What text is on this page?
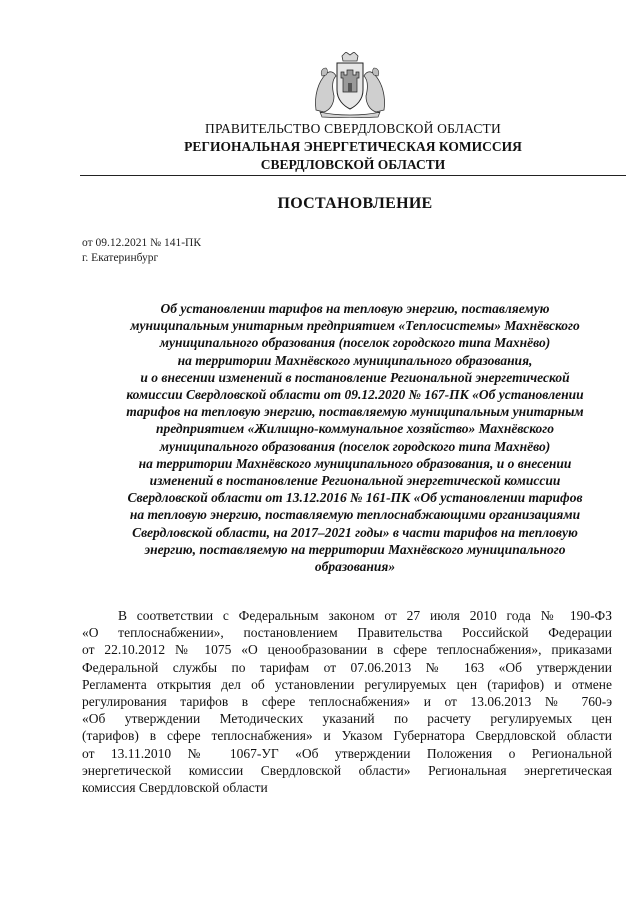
ПРАВИТЕЛЬСТВО СВЕРДЛОВСКОЙ ОБЛАСТИ
РЕГИОНАЛЬНАЯ ЭНЕРГЕТИЧЕСКАЯ КОМИССИЯ
СВЕРДЛОВСКОЙ ОБЛАСТИ
ПОСТАНОВЛЕНИЕ
от 09.12.2021 № 141-ПК
г. Екатеринбург
Об установлении тарифов на тепловую энергию, поставляемую
муниципальным унитарным предприятием «Теплосистемы» Махнёвского
муниципального образования (поселок городского типа Махнёво)
на территории Махнёвского муниципального образования,
и о внесении изменений в постановление Региональной энергетической
комиссии Свердловской области от 09.12.2020 № 167-ПК «Об установлении
тарифов на тепловую энергию, поставляемую муниципальным унитарным
предприятием «Жилищно-коммунальное хозяйство» Махнёвского
муниципального образования (поселок городского типа Махнёво)
на территории Махнёвского муниципального образования, и о внесении
изменений в постановление Региональной энергетической комиссии
Свердловской области от 13.12.2016 № 161-ПК «Об установлении тарифов
на тепловую энергию, поставляемую теплоснабжающими организациями
Свердловской области, на 2017–2021 годы» в части тарифов на тепловую
энергию, поставляемую на территории Махнёвского муниципального
образования»
В соответствии с Федеральным законом от 27 июля 2010 года № 190-ФЗ
«О теплоснабжении», постановлением Правительства Российской Федерации
от 22.10.2012 № 1075 «О ценообразовании в сфере теплоснабжения», приказами
Федеральной службы по тарифам от 07.06.2013 № 163 «Об утверждении
Регламента открытия дел об установлении регулируемых цен (тарифов) и отмене
регулирования тарифов в сфере теплоснабжения» и от 13.06.2013 № 760-э
«Об утверждении Методических указаний по расчету регулируемых цен
(тарифов) в сфере теплоснабжения» и Указом Губернатора Свердловской области
от 13.11.2010 № 1067-УГ «Об утверждении Положения о Региональной
энергетической комиссии Свердловской области» Региональная энергетическая
комиссия Свердловской области
